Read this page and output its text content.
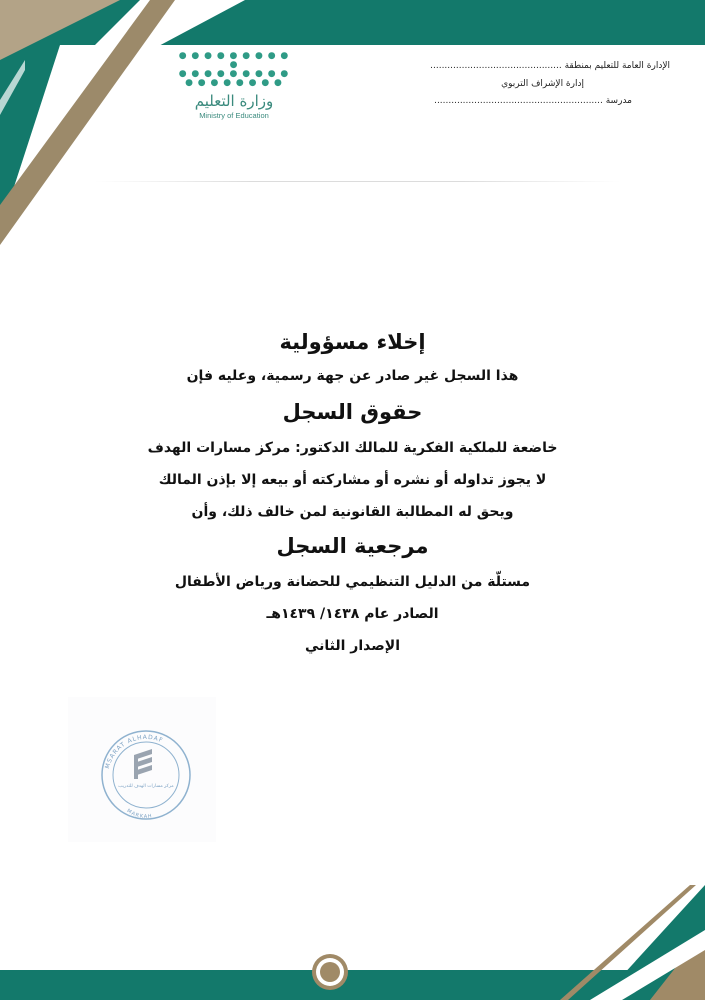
● ● ● ● ● ● ● ● ● ●
● ● ● ● ● ● ● ● ●
● ● ● ● ● ● ● ●
وزارة التعليم
Ministry of Education
الإدارة العامة للتعليم بمنطقة ..............................................
إدارة الإشراف التربوي
مدرسة ...........................................................
إخلاء مسؤولية
هذا السجل غير صادر عن جهة رسمية، وعليه فإن
حقوق السجل
خاضعة للملكية الفكرية للمالك الدكتور: مركز مسارات الهدف
لا يجوز تداوله أو نشره أو مشاركته أو بيعه إلا بإذن المالك
ويحق له المطالبة القانونية لمن خالف ذلك، وأن
مرجعية السجل
مستلّة من الدليل التنظيمي للحضانة ورياض الأطفال
الصادر عام ١٤٣٨/ ١٤٣٩هـ
الإصدار الثاني
MSARAT ALHADAF
MARKAH
مركز مسارات الهدف للتدريب
